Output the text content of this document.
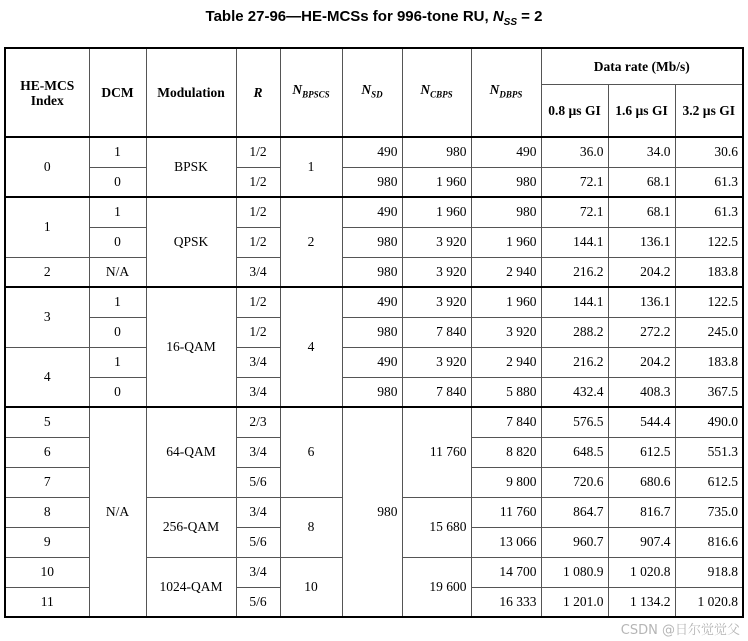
Table 27-96—HE-MCSs for 996-tone RU, $N_{SS} = 2$
HE-MCS Index	DCM	Modulation	R	$N_{BPSCS}$	$N_{SD}$	$N_{CBPS}$	$N_{DBPS}$	Data rate (Mb/s)		
								0.8 µs GI	1.6 µs GI	3.2 µs GI
0	1	BPSK	1/2	1	490	980	490	36.0	34.0	30.6
	0		1/2		980	1 960	980	72.1	68.1	61.3
1	1	QPSK	1/2	2	490	1 960	980	72.1	68.1	61.3
	0		1/2		980	3 920	1 960	144.1	136.1	122.5
2	N/A		3/4		980	3 920	2 940	216.2	204.2	183.8
3	1	16-QAM	1/2	4	490	3 920	1 960	144.1	136.1	122.5
	0		1/2		980	7 840	3 920	288.2	272.2	245.0
4	1		3/4		490	3 920	2 940	216.2	204.2	183.8
	0		3/4		980	7 840	5 880	432.4	408.3	367.5
5	N/A	64-QAM	2/3	6	980	11 760	7 840	576.5	544.4	490.0
6			3/4				8 820	648.5	612.5	551.3
7			5/6				9 800	720.6	680.6	612.5
8		256-QAM	3/4	8		15 680	11 760	864.7	816.7	735.0
9			5/6				13 066	960.7	907.4	816.6
10		1024-QAM	3/4	10		19 600	14 700	1 080.9	1 020.8	918.8
11			5/6				16 333	1 201.0	1 134.2	1 020.8
CSDN @日尔觉觉父
